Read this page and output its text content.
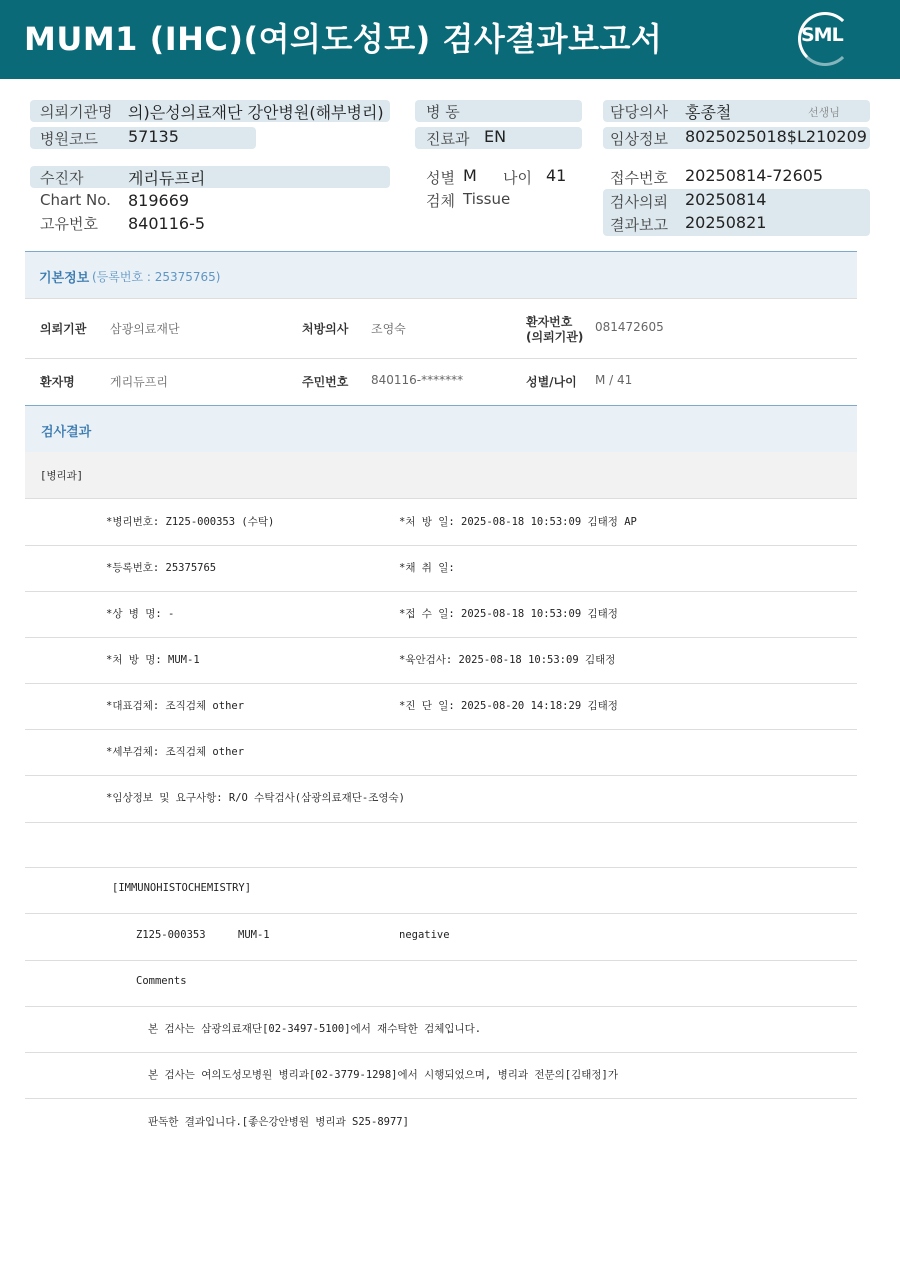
MUM1 (IHC)(여의도성모) 검사결과보고서	SML
의뢰기관명 의)은성의료재단 강안병원(해부병리)
병원코드 57135
수진자	게리듀프리
Chart No. 819669
고유번호 840116-5
병 동
진료과 EN
성별 M 나이 41
검체 Tissue
담당의사 홍종철	선생님
임상정보 8025025018$L210209
접수번호 20250814-72605
검사의뢰 20250814
결과보고 20250821
기본정보 (등록번호 : 25375765)
의뢰기관 삼광의료재단	처방의사 조영숙	환자번호
(의뢰기관)
081472605
환자명	게리듀프리	주민번호 840116-*******	성별/나이 M / 41
검사결과
[병리과]
*병리번호: Z125-000353 (수탁)	*처 방 일: 2025-08-18 10:53:09 김태정 AP
*등록번호: 25375765	*채 취 일:
*상 병 명: -	*접 수 일: 2025-08-18 10:53:09 김태정
*처 방 명: MUM-1	*육안검사: 2025-08-18 10:53:09 김태정
*대표검체: 조직검체 other	*진 단 일: 2025-08-20 14:18:29 김태정
*세부검체: 조직검체 other
*임상정보 및 요구사항: R/O 수탁검사(삼광의료재단-조영숙)
[IMMUNOHISTOCHEMISTRY]
Z125-000353	MUM-1	negative
Comments
본 검사는 삼광의료재단[02-3497-5100]에서 재수탁한 검체입니다.
본 검사는 여의도성모병원 병리과[02-3779-1298]에서 시행되었으며, 병리과 전문의[김태정]가
판독한 결과입니다.[좋은강안병원 병리과 S25-8977]
